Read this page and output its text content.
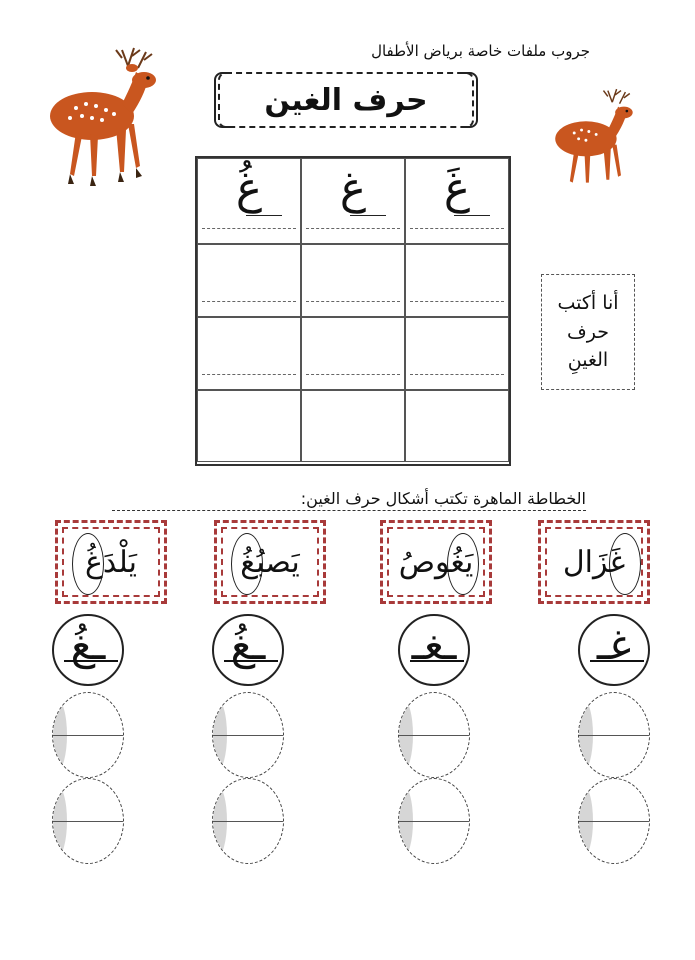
جروب ملفات خاصة برياض الأطفال
حرف الغين
غُ	غ	غَ
أنا أكتب
حرف
الغينِ
الخطاطة الماهرة تكتب أشكال حرف الغين:
يَلْدَغُ	يَصبُغُ	يَغُوصُ	غَزَال
ـغُ	ـغُ	ـغـ	غـ
